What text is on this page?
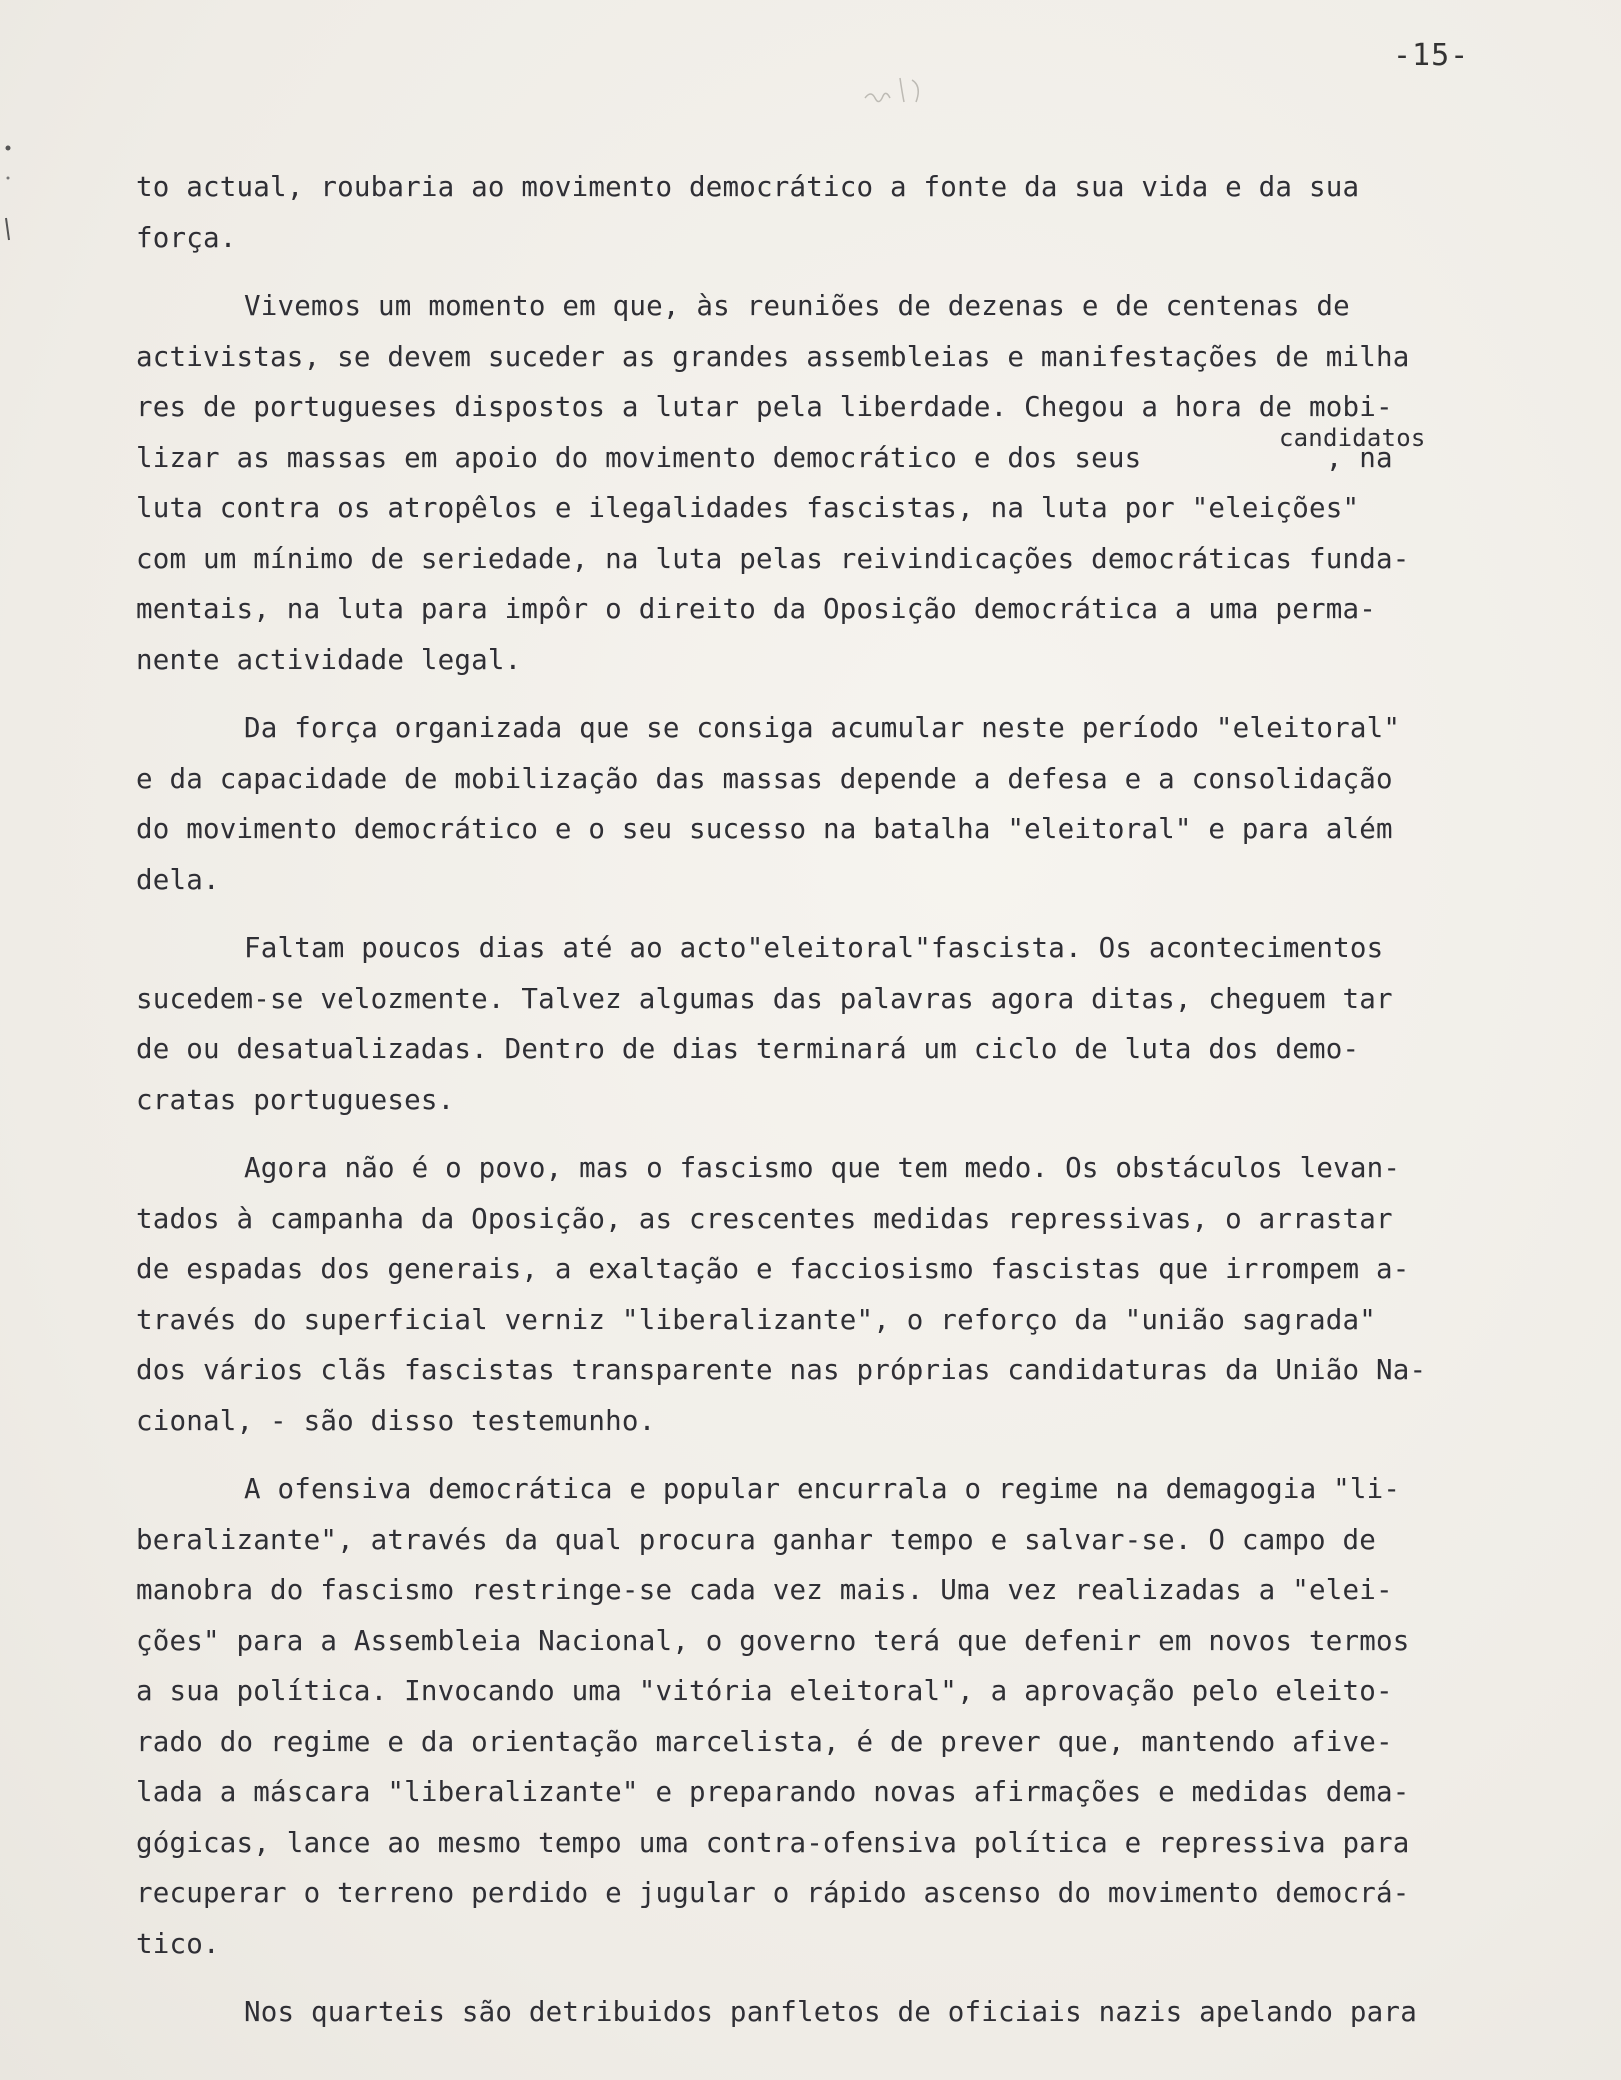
-15-
to actual, roubaria ao movimento democrático a fonte da sua vida e da sua
força.
Vivemos um momento em que, às reuniões de dezenas e de centenas de
activistas, se devem suceder as grandes assembleias e manifestações de milha
res de portugueses dispostos a lutar pela liberdade. Chegou a hora de mobi-
lizar as massas em apoio do movimento democrático e dos seus           , na
candidatos
luta contra os atropêlos e ilegalidades fascistas, na luta por "eleições"
com um mínimo de seriedade, na luta pelas reivindicações democráticas funda-
mentais, na luta para impôr o direito da Oposição democrática a uma perma-
nente actividade legal.
Da força organizada que se consiga acumular neste período "eleitoral"
e da capacidade de mobilização das massas depende a defesa e a consolidação
do movimento democrático e o seu sucesso na batalha "eleitoral" e para além
dela.
Faltam poucos dias até ao acto"eleitoral"fascista. Os acontecimentos
sucedem-se velozmente. Talvez algumas das palavras agora ditas, cheguem tar
de ou desatualizadas. Dentro de dias terminará um ciclo de luta dos demo-
cratas portugueses.
Agora não é o povo, mas o fascismo que tem medo. Os obstáculos levan-
tados à campanha da Oposição, as crescentes medidas repressivas, o arrastar
de espadas dos generais, a exaltação e facciosismo fascistas que irrompem a-
través do superficial verniz "liberalizante", o reforço da "união sagrada"
dos vários clãs fascistas transparente nas próprias candidaturas da União Na-
cional, - são disso testemunho.
A ofensiva democrática e popular encurrala o regime na demagogia "li-
beralizante", através da qual procura ganhar tempo e salvar-se. O campo de
manobra do fascismo restringe-se cada vez mais. Uma vez realizadas a "elei-
ções" para a Assembleia Nacional, o governo terá que defenir em novos termos
a sua política. Invocando uma "vitória eleitoral", a aprovação pelo eleito-
rado do regime e da orientação marcelista, é de prever que, mantendo afive-
lada a máscara "liberalizante" e preparando novas afirmações e medidas dema-
gógicas, lance ao mesmo tempo uma contra-ofensiva política e repressiva para
recuperar o terreno perdido e jugular o rápido ascenso do movimento democrá-
tico.
Nos quarteis são detribuidos panfletos de oficiais nazis apelando para
